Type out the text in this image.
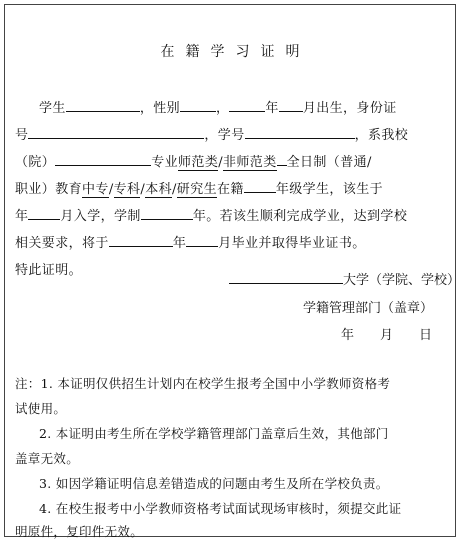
在籍学习证明
学生	，性别	，	年 月出生，身份证
号	，学号	，系我校
（院）	专业师范类/非师范类 全日制（普通/
职业）教育中专/专科/本科/研究生在籍 年级学生，该生于
年 月入学，学制	年。若该生顺利完成学业，达到学校
相关要求，将于	年 月毕业并取得毕业证书。
特此证明。
大学（学院、学校）
学籍管理部门（盖章）
年　　月　　日
注：1. 本证明仅供招生计划内在校学生报考全国中小学教师资格考
试使用。
2. 本证明由考生所在学校学籍管理部门盖章后生效，其他部门
盖章无效。
3. 如因学籍证明信息差错造成的问题由考生及所在学校负责。
4. 在校生报考中小学教师资格考试面试现场审核时，须提交此证
明原件，复印件无效。
